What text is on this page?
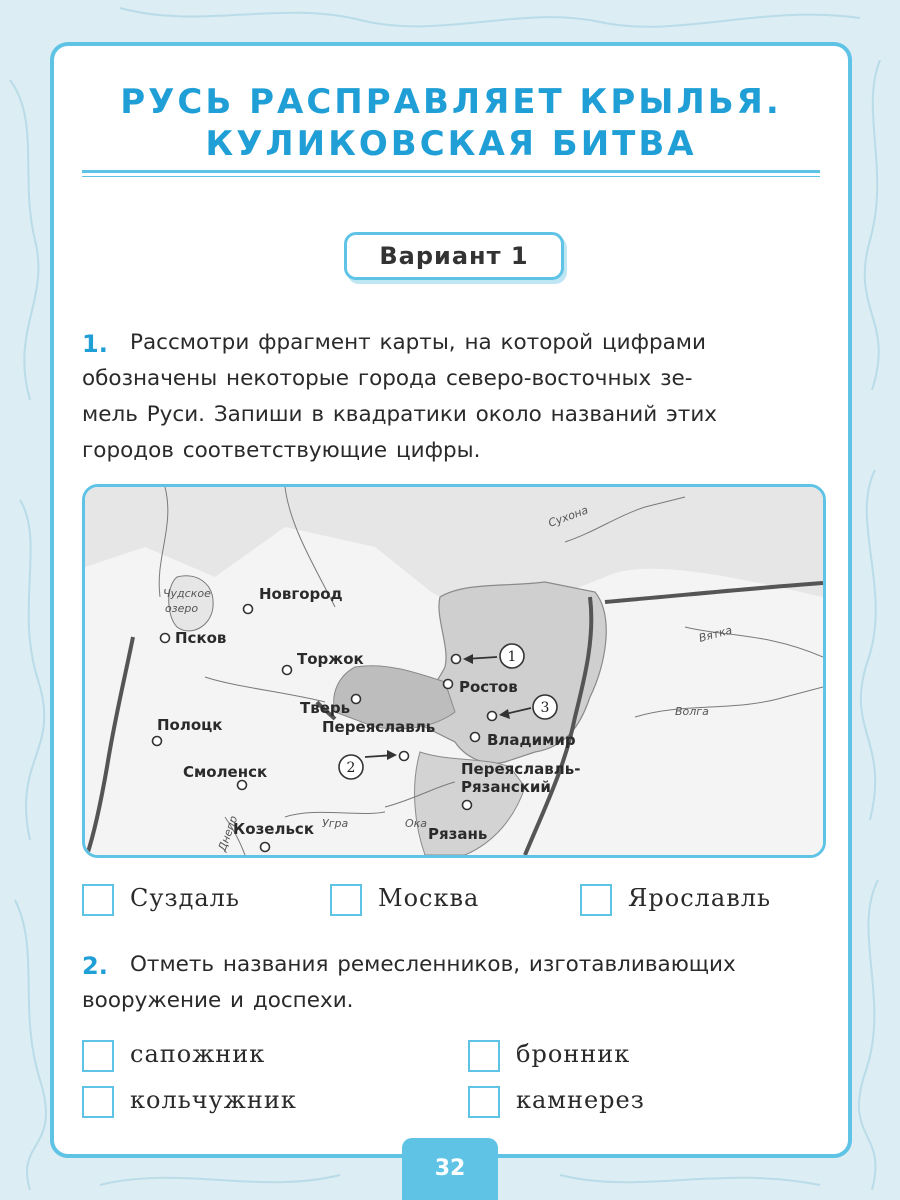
РУСЬ РАСПРАВЛЯЕТ КРЫЛЬЯ.
КУЛИКОВСКАЯ БИТВА
Вариант 1
1. Рассмотри фрагмент карты, на которой цифрами
обозначены некоторые города северо-восточных зе-
мель Руси. Запиши в квадратики около названий этих
городов соответствующие цифры.
Чудское
озеро
Сухона
Вятка
Волга
Ока
Угра
Днепр
Новгород
Псков
Торжок
Тверь
Полоцк	Переяславль
Ростов
Владимир
Смоленск	Переяславль-
Рязанский
Рязань
Козельск
1
3
2
Суздаль	Москва	Ярославль
2. Отметь названия ремесленников, изготавливающих
вооружение и доспехи.
сапожник	бронник
кольчужник	камнерез
32
